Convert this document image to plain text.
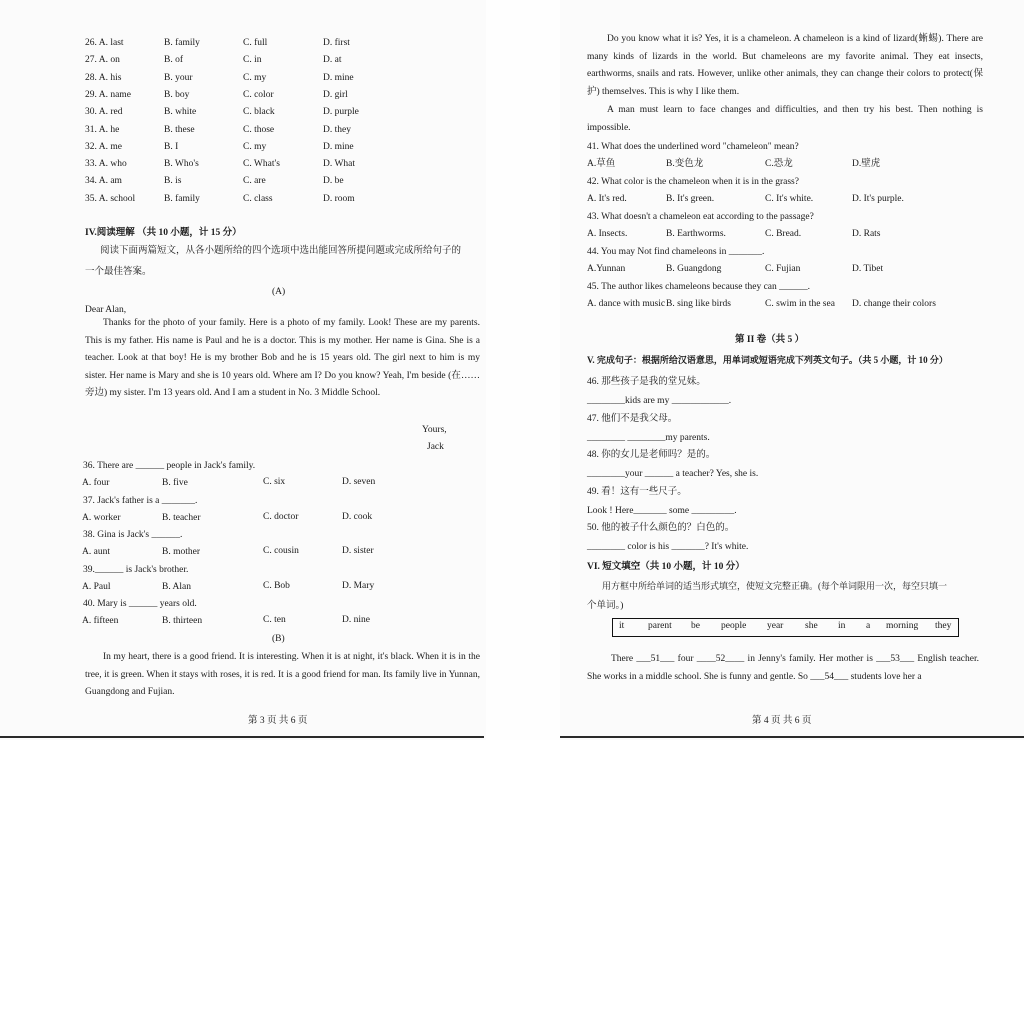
26. A. last	B. family	C. full	D. first
27. A. on	B. of	C. in	D. at
28. A. his	B. your	C. my	D. mine
29. A. name	B. boy	C. color	D. girl
30. A. red	B. white	C. black	D. purple
31. A. he	B. these	C. those	D. they
32. A. me	B. I	C. my	D. mine
33. A. who	B. Who's	C. What's	D. What
34. A. am	B. is	C. are	D. be
35. A. school	B. family	C. class	D. room
IV.阅读理解 （共 10 小题，计 15 分）
阅读下面两篇短文，从各小题所给的四个选项中选出能回答所提问题或完成所给句子的
一个最佳答案。
(A)
Dear Alan,
Thanks for the photo of your family. Here is a photo of my family. Look! These are my parents. This is my father. His name is Paul and he is a doctor. This is my mother. Her name is Gina. She is a teacher. Look at that boy! He is my brother Bob and he is 15 years old. The girl next to him is my sister. Her name is Mary and she is 10 years old. Where am I? Do you know? Yeah, I'm beside (在……旁边) my sister. I'm 13 years old. And I am a student in No. 3 Middle School.
Yours,
Jack
36. There are ______ people in Jack's family.
A. four	B. five	C. six	D. seven
37. Jack's father is a _______.
A. worker	B. teacher	C. doctor	D. cook
38. Gina is Jack's ______.
A. aunt	B. mother	C. cousin	D. sister
39.______ is Jack's brother.
A. Paul	B. Alan	C. Bob	D. Mary
40. Mary is ______ years old.
A. fifteen	B. thirteen	C. ten	D. nine
(B)
In my heart, there is a good friend. It is interesting. When it is at night, it's black. When it is in the tree, it is green. When it stays with roses, it is red. It is a good friend for man. Its family live in Yunnan, Guangdong and Fujian.
第 3 页 共 6 页
Do you know what it is? Yes, it is a chameleon. A chameleon is a kind of lizard(蜥蜴). There are many kinds of lizards in the world. But chameleons are my favorite animal. They eat insects, earthworms, snails and rats. However, unlike other animals, they can change their colors to protect(保护) themselves. This is why I like them.
A man must learn to face changes and difficulties, and then try his best. Then nothing is impossible.
41. What does the underlined word "chameleon" mean?
A.草鱼	B.变色龙	C.恐龙	D.壁虎
42. What color is the chameleon when it is in the grass?
A. It's red.	B. It's green.	C. It's white.	D. It's purple.
43. What doesn't a chameleon eat according to the passage?
A. Insects.	B. Earthworms.	C. Bread.	D. Rats
44. You may Not find chameleons in _______.
A.Yunnan	B. Guangdong	C. Fujian	D. Tibet
45. The author likes chameleons because they can ______.
A. dance with music B. sing like birds	C. swim in the sea D. change their colors
第 II 卷（共 5 ）
V. 完成句子：根据所给汉语意思，用单词或短语完成下列英文句子。（共 5 小题，计 10 分）
46. 那些孩子是我的堂兄妹。
________kids are my ____________.
47. 他们不是我父母。
________ ________my parents.
48. 你的女儿是老师吗？是的。
________your ______ a teacher? Yes, she is.
49. 看！这有一些尺子。
Look ! Here_______ some _________.
50. 他的被子什么颜色的？白色的。
________ color is his _______? It's white.
VI. 短文填空（共 10 小题，计 10 分）
用方框中所给单词的适当形式填空，使短文完整正确。(每个单词限用一次，每空只填一
个单词。)
it parent be people year she in a morning they
There ___51___ four ____52____ in Jenny's family. Her mother is ___53___ English teacher. She works in a middle school. She is funny and gentle. So ___54___ students love her a
第 4 页 共 6 页
